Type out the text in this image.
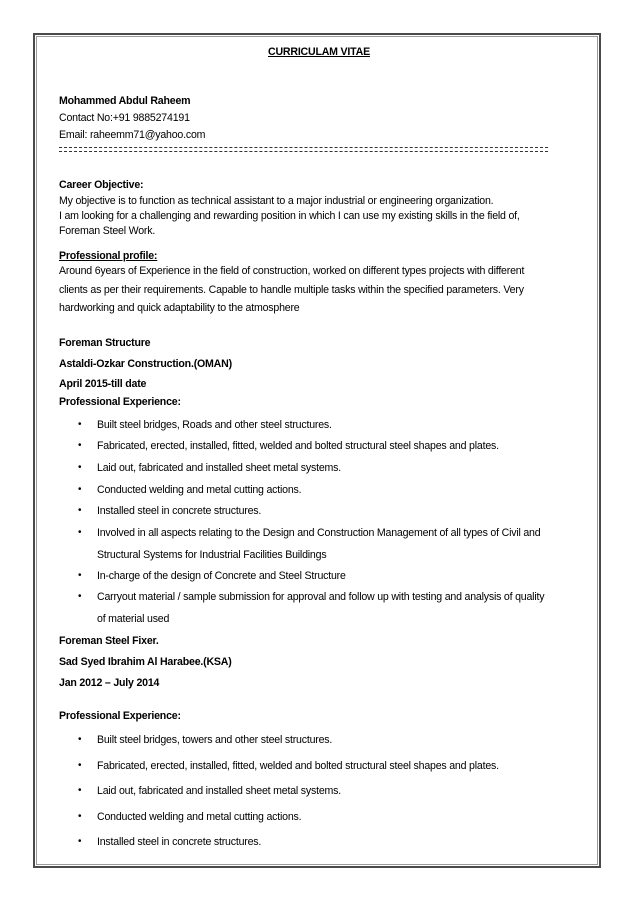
CURRICULAM VITAE
Mohammed Abdul Raheem
Contact No:+91 9885274191
Email: raheemm71@yahoo.com
Career Objective:
My objective is to function as technical assistant to a major industrial or engineering organization.
I am looking for a challenging and rewarding position in which I can use my existing skills in the field of,
Foreman Steel Work.
Professional profile:
Around 6years of Experience in the field of construction, worked on different types projects with different
clients as per their requirements. Capable to handle multiple tasks within the specified parameters. Very
hardworking and quick adaptability to the atmosphere
Foreman Structure
Astaldi-Ozkar Construction.(OMAN)
April 2015-till date
Professional Experience:
• Built steel bridges, Roads and other steel structures.
• Fabricated, erected, installed, fitted, welded and bolted structural steel shapes and plates.
• Laid out, fabricated and installed sheet metal systems.
• Conducted welding and metal cutting actions.
• Installed steel in concrete structures.
• Involved in all aspects relating to the Design and Construction Management of all types of Civil and
Structural Systems for Industrial Facilities Buildings
• In-charge of the design of Concrete and Steel Structure
• Carryout material / sample submission for approval and follow up with testing and analysis of quality
of material used
Foreman Steel Fixer.
Sad Syed Ibrahim Al Harabee.(KSA)
Jan 2012 – July 2014
Professional Experience:
• Built steel bridges, towers and other steel structures.
• Fabricated, erected, installed, fitted, welded and bolted structural steel shapes and plates.
• Laid out, fabricated and installed sheet metal systems.
• Conducted welding and metal cutting actions.
• Installed steel in concrete structures.
